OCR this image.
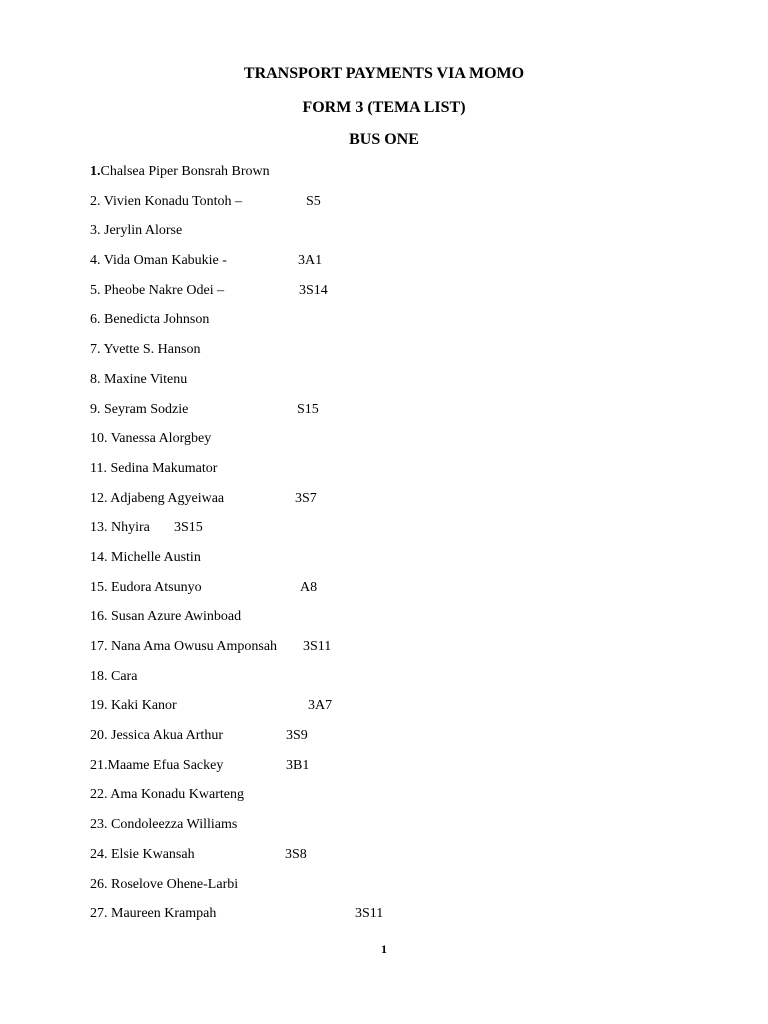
TRANSPORT PAYMENTS VIA MOMO
FORM 3 (TEMA LIST)
BUS ONE
1.Chalsea Piper Bonsrah Brown
2. Vivien Konadu Tontoh –	S5
3. Jerylin Alorse
4. Vida Oman Kabukie -	3A1
5. Pheobe Nakre Odei –	3S14
6. Benedicta Johnson
7. Yvette S. Hanson
8. Maxine Vitenu
9. Seyram Sodzie	S15
10. Vanessa Alorgbey
11. Sedina Makumator
12. Adjabeng Agyeiwaa	3S7
13. Nhyira 3S15
14. Michelle Austin
15. Eudora Atsunyo	A8
16. Susan Azure Awinboad
17. Nana Ama Owusu Amponsah 3S11
18. Cara
19. Kaki Kanor	3A7
20. Jessica Akua Arthur	3S9
21.Maame Efua Sackey	3B1
22. Ama Konadu Kwarteng
23. Condoleezza Williams
24. Elsie Kwansah	3S8
26. Roselove Ohene-Larbi
27. Maureen Krampah	3S11
1
